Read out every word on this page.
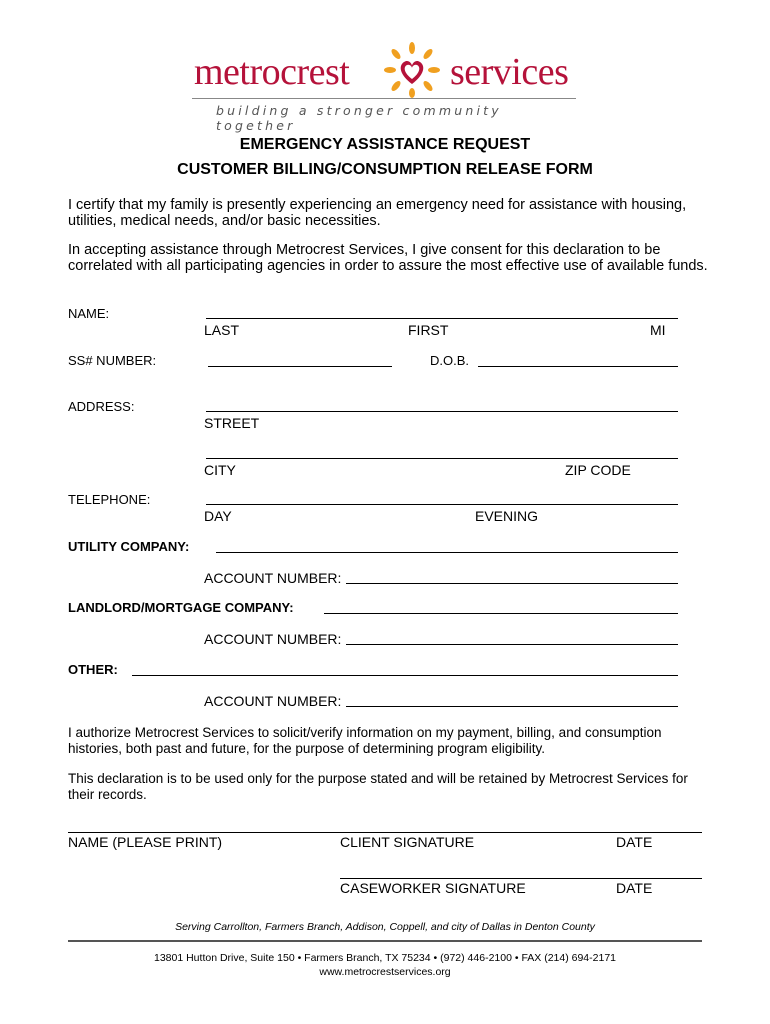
metrocrest	services
building a stronger community together
EMERGENCY ASSISTANCE REQUEST
CUSTOMER BILLING/CONSUMPTION RELEASE FORM
I certify that my family is presently experiencing an emergency need for assistance with housing, utilities, medical needs, and/or basic necessities.
In accepting assistance through Metrocrest Services, I give consent for this declaration to be correlated with all participating agencies in order to assure the most effective use of available funds.
NAME:
LAST	FIRST	MI
SS# NUMBER:	D.O.B.
ADDRESS:
STREET
CITY	ZIP CODE
TELEPHONE:
DAY	EVENING
UTILITY COMPANY:
ACCOUNT NUMBER:
LANDLORD/MORTGAGE COMPANY:
ACCOUNT NUMBER:
OTHER:
ACCOUNT NUMBER:
I authorize Metrocrest Services to solicit/verify information on my payment, billing, and consumption histories, both past and future, for the purpose of determining program eligibility.
This declaration is to be used only for the purpose stated and will be retained by Metrocrest Services for their records.
NAME (PLEASE PRINT)	CLIENT SIGNATURE	DATE
CASEWORKER SIGNATURE	DATE
Serving Carrollton, Farmers Branch, Addison, Coppell, and city of Dallas in Denton County
13801 Hutton Drive, Suite 150 • Farmers Branch, TX 75234 • (972) 446-2100 • FAX (214) 694-2171
www.metrocrestservices.org
